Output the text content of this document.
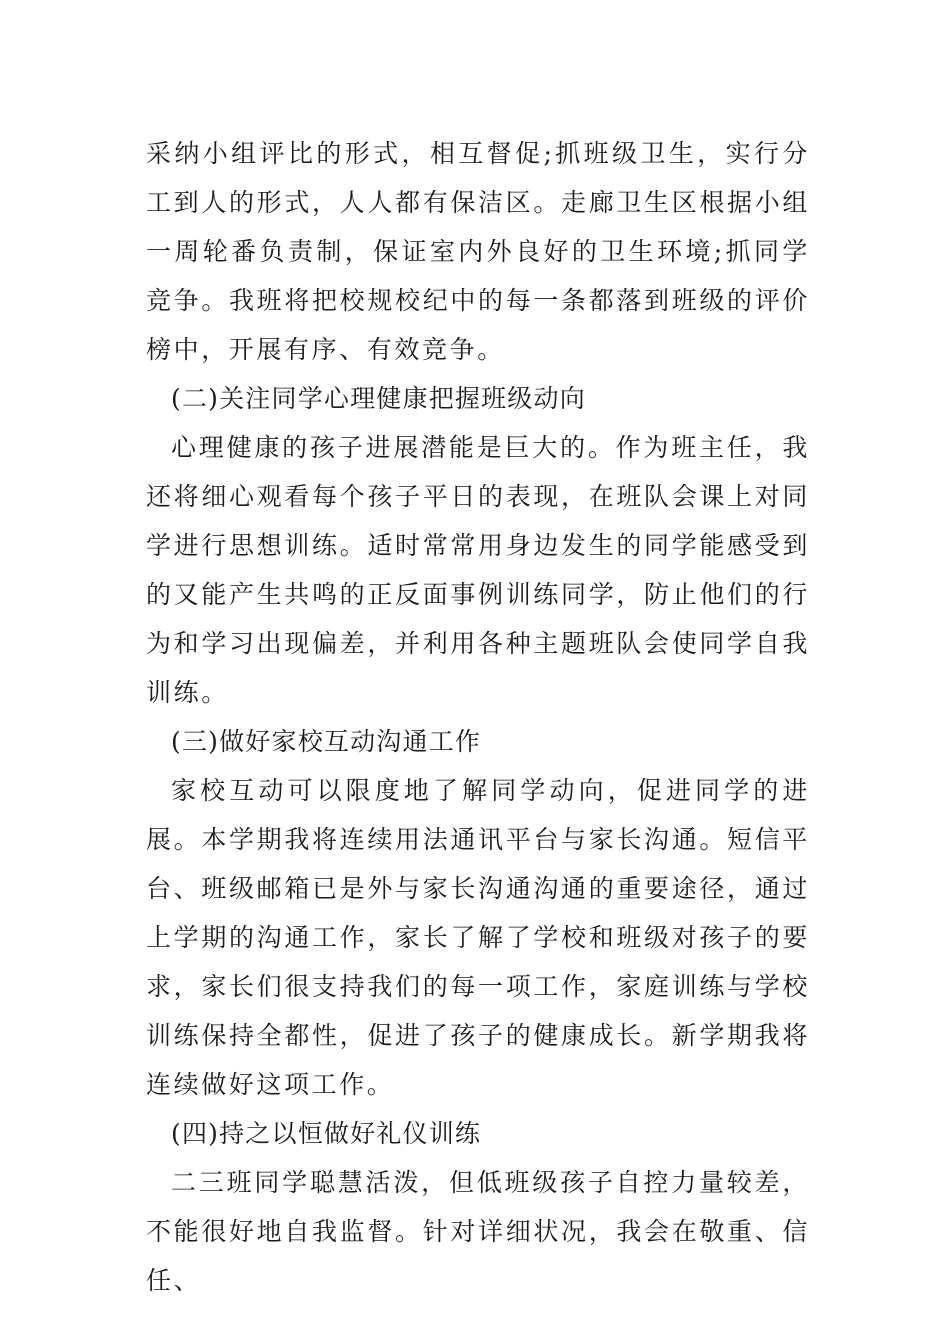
采纳小组评比的形式，相互督促;抓班级卫生，实行分工到人的形式，人人都有保洁区。走廊卫生区根据小组一周轮番负责制，保证室内外良好的卫生环境;抓同学竞争。我班将把校规校纪中的每一条都落到班级的评价榜中，开展有序、有效竞争。

(二)关注同学心理健康把握班级动向

心理健康的孩子进展潜能是巨大的。作为班主任，我还将细心观看每个孩子平日的表现，在班队会课上对同学进行思想训练。适时常常用身边发生的同学能感受到的又能产生共鸣的正反面事例训练同学，防止他们的行为和学习出现偏差，并利用各种主题班队会使同学自我训练。

(三)做好家校互动沟通工作

家校互动可以限度地了解同学动向，促进同学的进展。本学期我将连续用法通讯平台与家长沟通。短信平台、班级邮箱已是外与家长沟通沟通的重要途径，通过上学期的沟通工作，家长了解了学校和班级对孩子的要求，家长们很支持我们的每一项工作，家庭训练与学校训练保持全都性，促进了孩子的健康成长。新学期我将连续做好这项工作。

(四)持之以恒做好礼仪训练

二三班同学聪慧活泼，但低班级孩子自控力量较差，不能很好地自我监督。针对详细状况，我会在敬重、信任、
